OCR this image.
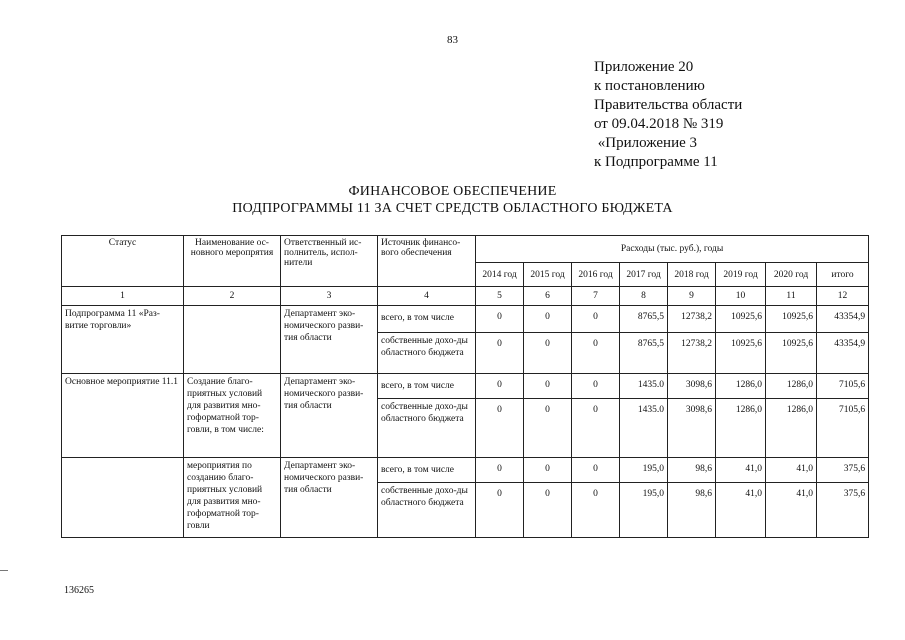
83
Приложение 20
к постановлению
Правительства области
от 09.04.2018 № 319
«Приложение 3
к Подпрограмме 11
ФИНАНСОВОЕ ОБЕСПЕЧЕНИЕ
ПОДПРОГРАММЫ 11 ЗА СЧЕТ СРЕДСТВ ОБЛАСТНОГО БЮДЖЕТА
Статус	Наименование ос-новного меропрятия	Ответственный ис-полнитель, испол-нители	Источник финансо-вого обеспечения	Расходы (тыс. руб.), годы							
				2014 год	2015 год	2016 год	2017 год	2018 год	2019 год	2020 год	итого
1	2	3	4	5	6	7	8	9	10	11	12
Подпрограмма 11 «Раз-витие торговли»		Департамент эко-номического разви-тия области	всего, в том числе	0	0	0	8765,5	12738,2	10925,6	10925,6	43354,9
			собственные дохо-ды областного бюджета	0	0	0	8765,5	12738,2	10925,6	10925,6	43354,9
Основное мероприятие 11.1	Создание благо-приятных условий для развития мно-гоформатной тор-говли, в том числе:	Департамент эко-номического разви-тия области	всего, в том числе	0	0	0	1435.0	3098,6	1286,0	1286,0	7105,6
			собственные дохо-ды областного бюджета	0	0	0	1435.0	3098,6	1286,0	1286,0	7105,6
	мероприятия по созданию благо-приятных условий для развития мно-гоформатной тор-говли	Департамент эко-номического разви-тия области	всего, в том числе	0	0	0	195,0	98,6	41,0	41,0	375,6
			собственные дохо-ды областного бюджета	0	0	0	195,0	98,6	41,0	41,0	375,6
136265
